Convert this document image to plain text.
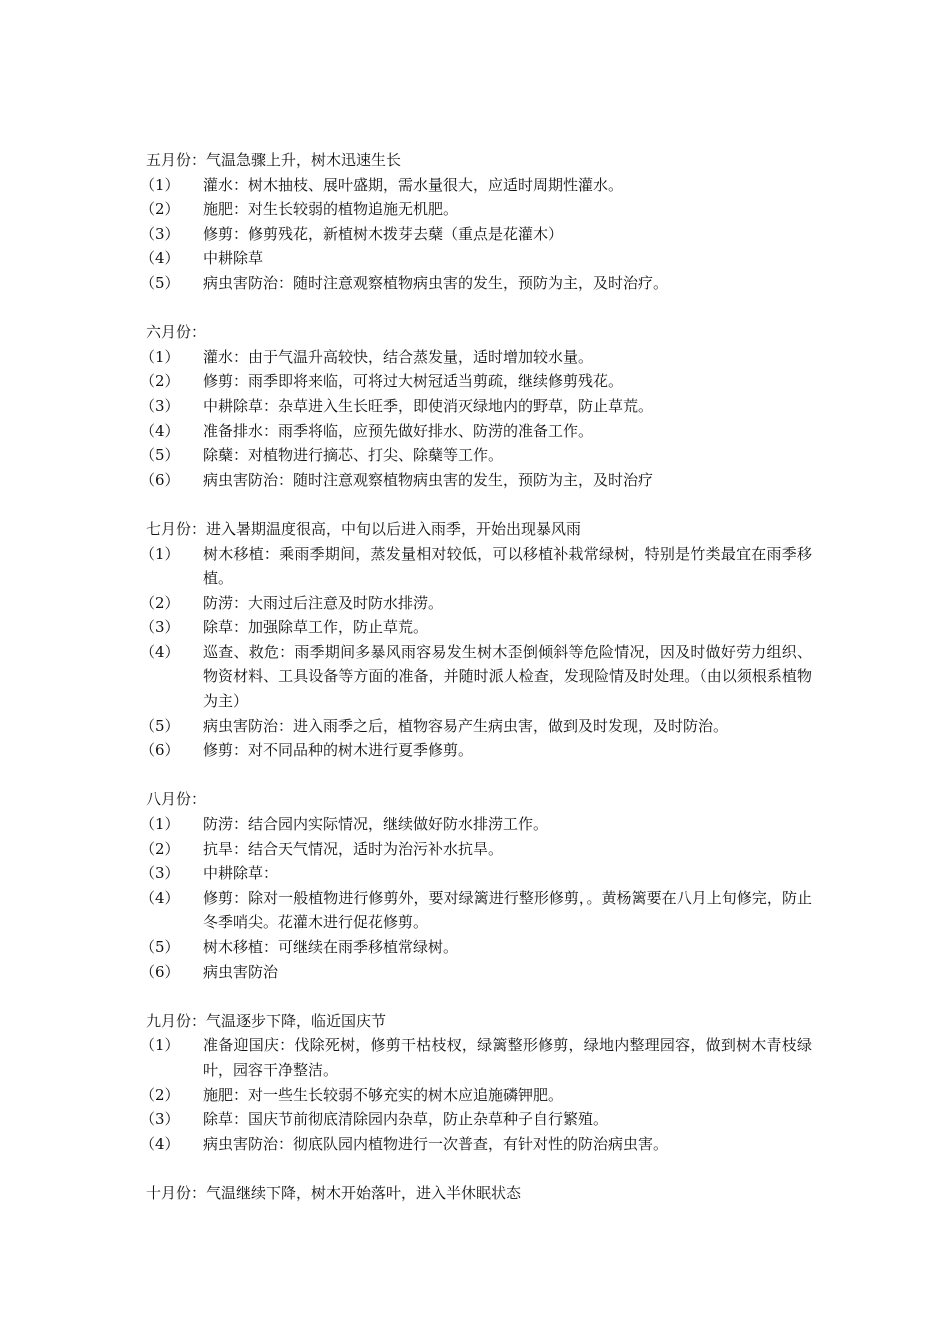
五月份：气温急骤上升，树木迅速生长

（1）	灌水：树木抽枝、展叶盛期，需水量很大，应适时周期性灌水。
（2）	施肥：对生长较弱的植物追施无机肥。
（3）	修剪：修剪残花，新植树木拨芽去蘖（重点是花灌木）
（4）	中耕除草
（5）	病虫害防治：随时注意观察植物病虫害的发生，预防为主，及时治疗。

六月份：

（1）	灌水：由于气温升高较快，结合蒸发量，适时增加较水量。
（2）	修剪：雨季即将来临，可将过大树冠适当剪疏，继续修剪残花。
（3）	中耕除草：杂草进入生长旺季，即使消灭绿地内的野草，防止草荒。
（4）	准备排水：雨季将临，应预先做好排水、防涝的准备工作。
（5）	除蘖：对植物进行摘芯、打尖、除蘖等工作。
（6）	病虫害防治：随时注意观察植物病虫害的发生，预防为主，及时治疗

七月份：进入暑期温度很高，中旬以后进入雨季，开始出现暴风雨

（1）	树木移植：乘雨季期间，蒸发量相对较低，可以移植补栽常绿树，特别是竹类最宜在雨季移植。
（2）	防涝：大雨过后注意及时防水排涝。
（3）	除草：加强除草工作，防止草荒。
（4）	巡查、救危：雨季期间多暴风雨容易发生树木歪倒倾斜等危险情况，因及时做好劳力组织、物资材料、工具设备等方面的准备，并随时派人检查，发现险情及时处理。（由以须根系植物为主）
（5）	病虫害防治：进入雨季之后，植物容易产生病虫害，做到及时发现，及时防治。
（6）	修剪：对不同品种的树木进行夏季修剪。

八月份：

（1）	防涝：结合园内实际情况，继续做好防水排涝工作。
（2）	抗旱：结合天气情况，适时为治污补水抗旱。
（3）	中耕除草：
（4）	修剪：除对一般植物进行修剪外，要对绿篱进行整形修剪，。黄杨篱要在八月上旬修完，防止冬季哨尖。花灌木进行促花修剪。
（5）	树木移植：可继续在雨季移植常绿树。
（6）	病虫害防治

九月份：气温逐步下降，临近国庆节

（1）	准备迎国庆：伐除死树，修剪干枯枝杈，绿篱整形修剪，绿地内整理园容，做到树木青枝绿叶，园容干净整洁。
（2）	施肥：对一些生长较弱不够充实的树木应追施磷钾肥。
（3）	除草：国庆节前彻底清除园内杂草，防止杂草种子自行繁殖。
（4）	病虫害防治：彻底队园内植物进行一次普查，有针对性的防治病虫害。

十月份：气温继续下降，树木开始落叶，进入半休眠状态
